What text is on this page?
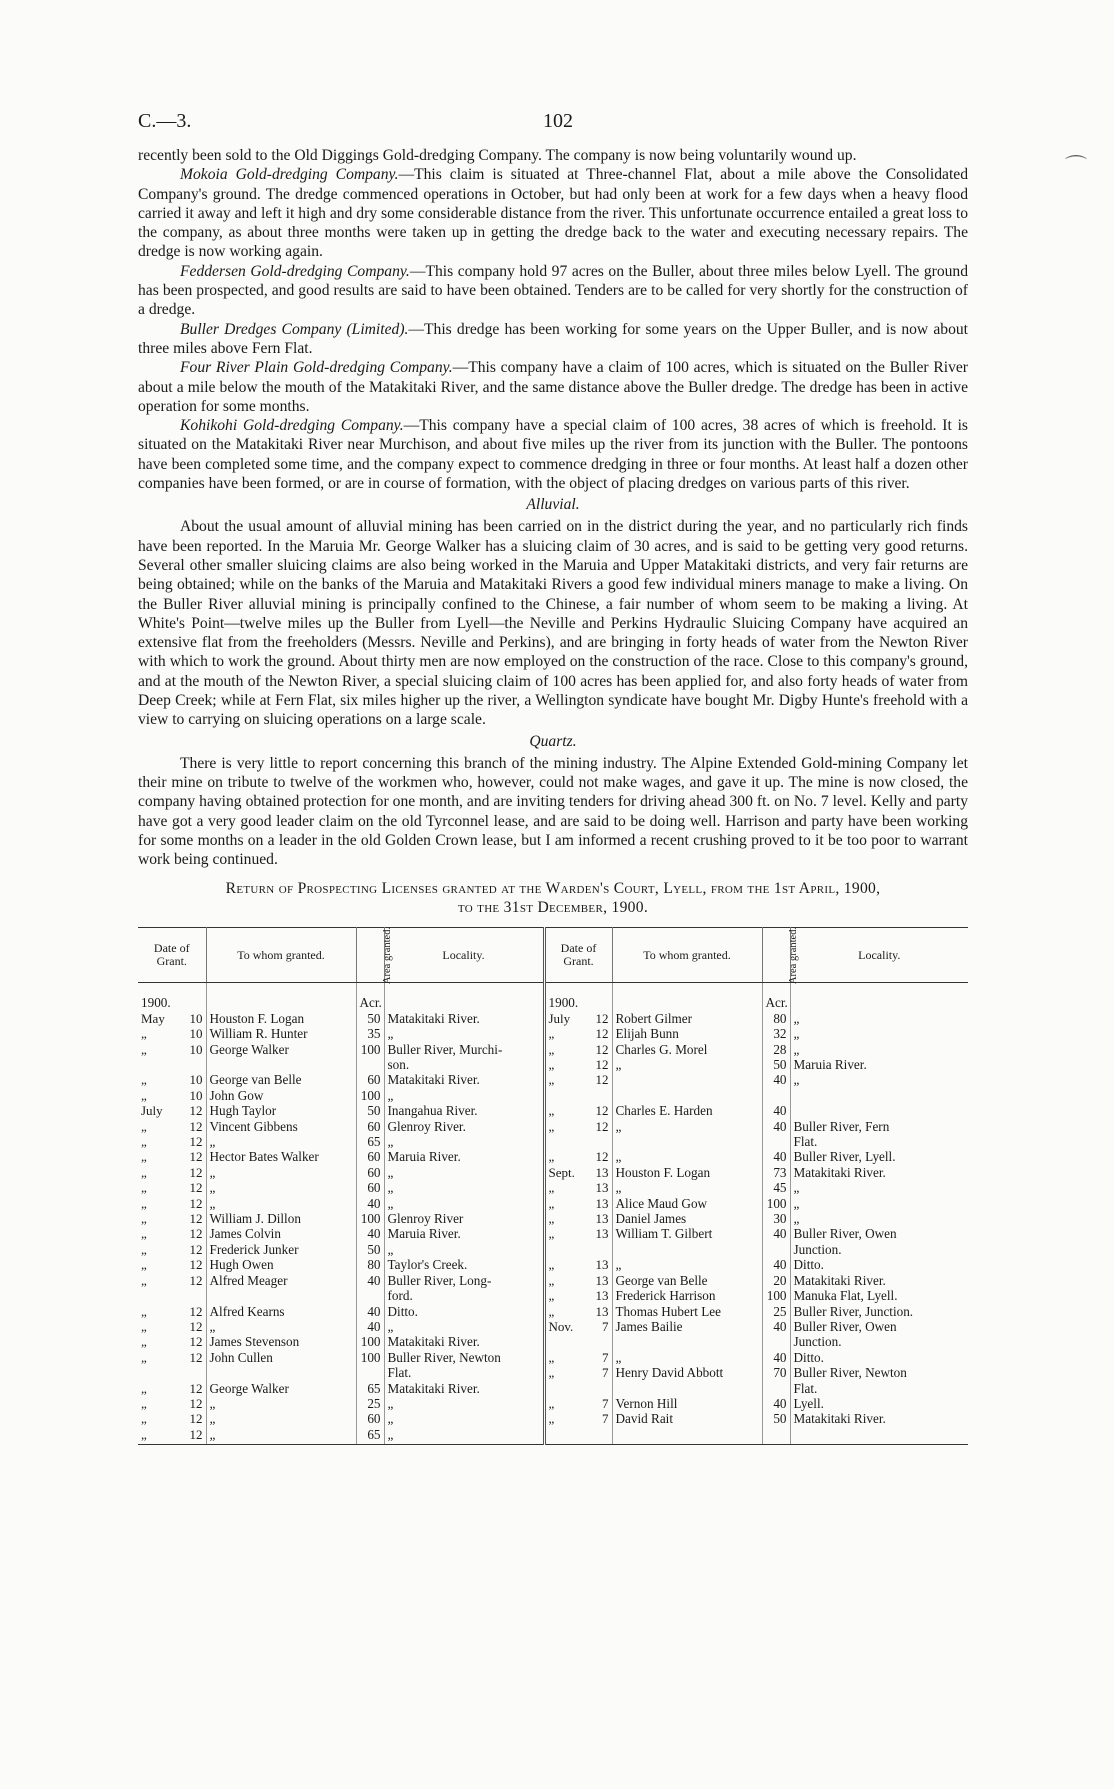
C.—3.	102

recently been sold to the Old Diggings Gold-dredging Company. The company is now being voluntarily wound up.

Mokoia Gold-dredging Company.—This claim is situated at Three-channel Flat, about a mile above the Consolidated Company's ground. The dredge commenced operations in October, but had only been at work for a few days when a heavy flood carried it away and left it high and dry some considerable distance from the river. This unfortunate occurrence entailed a great loss to the company, as about three months were taken up in getting the dredge back to the water and executing necessary repairs. The dredge is now working again.

Feddersen Gold-dredging Company.—This company hold 97 acres on the Buller, about three miles below Lyell. The ground has been prospected, and good results are said to have been obtained. Tenders are to be called for very shortly for the construction of a dredge.

Buller Dredges Company (Limited).—This dredge has been working for some years on the Upper Buller, and is now about three miles above Fern Flat.

Four River Plain Gold-dredging Company.—This company have a claim of 100 acres, which is situated on the Buller River about a mile below the mouth of the Matakitaki River, and the same distance above the Buller dredge. The dredge has been in active operation for some months.

Kohikohi Gold-dredging Company.—This company have a special claim of 100 acres, 38 acres of which is freehold. It is situated on the Matakitaki River near Murchison, and about five miles up the river from its junction with the Buller. The pontoons have been completed some time, and the company expect to commence dredging in three or four months. At least half a dozen other companies have been formed, or are in course of formation, with the object of placing dredges on various parts of this river.

Alluvial.

About the usual amount of alluvial mining has been carried on in the district during the year, and no particularly rich finds have been reported. In the Maruia Mr. George Walker has a sluicing claim of 30 acres, and is said to be getting very good returns. Several other smaller sluicing claims are also being worked in the Maruia and Upper Matakitaki districts, and very fair returns are being obtained; while on the banks of the Maruia and Matakitaki Rivers a good few individual miners manage to make a living. On the Buller River alluvial mining is principally confined to the Chinese, a fair number of whom seem to be making a living. At White's Point—twelve miles up the Buller from Lyell—the Neville and Perkins Hydraulic Sluicing Company have acquired an extensive flat from the freeholders (Messrs. Neville and Perkins), and are bringing in forty heads of water from the Newton River with which to work the ground. About thirty men are now employed on the construction of the race. Close to this company's ground, and at the mouth of the Newton River, a special sluicing claim of 100 acres has been applied for, and also forty heads of water from Deep Creek; while at Fern Flat, six miles higher up the river, a Wellington syndicate have bought Mr. Digby Hunte's freehold with a view to carrying on sluicing operations on a large scale.

Quartz.

There is very little to report concerning this branch of the mining industry. The Alpine Extended Gold-mining Company let their mine on tribute to twelve of the workmen who, however, could not make wages, and gave it up. The mine is now closed, the company having obtained protection for one month, and are inviting tenders for driving ahead 300 ft. on No. 7 level. Kelly and party have got a very good leader claim on the old Tyrconnel lease, and are said to be doing well. Harrison and party have been working for some months on a leader in the old Golden Crown lease, but I am informed a recent crushing proved to it be too poor to warrant work being continued.

Return of Prospecting Licenses granted at the Warden's Court, Lyell, from the 1st April, 1900,
to the 31st December, 1900.
Date of Grant.	To whom granted.	Area granted.	Locality.	Date of Grant.	To whom granted.	Area granted.	Locality.
1900.		Acr.		1900.		Acr.	

May 10	Houston F. Logan	50	Matakitaki River.	July 12	Robert Gilmer	80	„

„ 10	William R. Hunter	35	„	„ 12	Elijah Bunn	32	„

„ 10	George Walker	100	Buller River, Murchi-	„ 12	Charles G. Morel	28	„

			son.	„ 12	„	50	Maruia River.

„ 10	George van Belle	60	Matakitaki River.	„ 12		40	„

„ 10	John Gow	100	„	

July 12	Hugh Taylor	50	Inangahua River.	„ 12	Charles E. Harden	40	

„ 12	Vincent Gibbens	60	Glenroy River.	„ 12	„	40	Buller River, Fern

„ 12	„	65	„				Flat.

„ 12	Hector Bates Walker	60	Maruia River.	„ 12	„	40	Buller River, Lyell.

„ 12	„	60	„	Sept. 13	Houston F. Logan	73	Matakitaki River.

„ 12	„	60	„	„ 13	„	45	„

„ 12	„	40	„	„ 13	Alice Maud Gow	100	„

„ 12	William J. Dillon	100	Glenroy River	„ 13	Daniel James	30	„

„ 12	James Colvin	40	Maruia River.	„ 13	William T. Gilbert	40	Buller River, Owen

„ 12	Frederick Junker	50	„				Junction.

„ 12	Hugh Owen	80	Taylor's Creek.	„ 13	„	40	Ditto.

„ 12	Alfred Meager	40	Buller River, Long-	„ 13	George van Belle	20	Matakitaki River.

			ford.	„ 13	Frederick Harrison	100	Manuka Flat, Lyell.

„ 12	Alfred Kearns	40	Ditto.	„ 13	Thomas Hubert Lee	25	Buller River, Junction.

„ 12	„	40	„	Nov. 7	James Bailie	40	Buller River, Owen

„ 12	James Stevenson	100	Matakitaki River.				Junction.

„ 12	John Cullen	100	Buller River, Newton	„ 7	„	40	Ditto.

			Flat.	„ 7	Henry David Abbott	70	Buller River, Newton

„ 12	George Walker	65	Matakitaki River.				Flat.

„ 12	„	25	„	„ 7	Vernon Hill	40	Lyell.

„ 12	„	60	„	„ 7	David Rait	50	Matakitaki River.

„ 12	„	65	„	

⌒
